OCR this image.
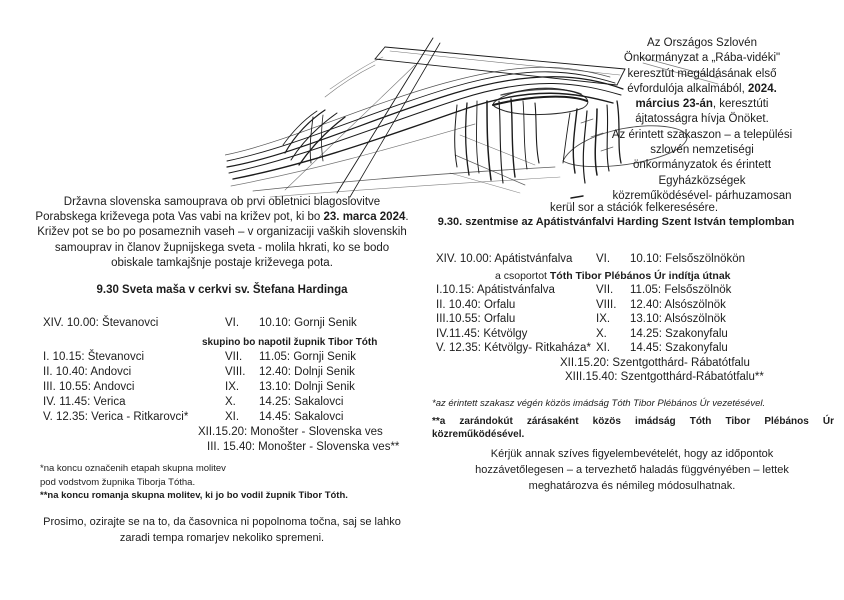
Državna slovenska samouprava ob prvi obletnici blagoslovitve
Porabskega križevega pota Vas vabi na križev pot, ki bo 23. marca 2024.
Križev pot se bo po posameznih vaseh – v organizaciji vaških slovenskih
samouprav in članov župnijskega sveta - molila hkrati, ko se bodo
obiskale tamkajšnje postaje križevega pota.
9.30 Sveta maša v cerkvi sv. Štefana Hardinga
XIV. 10.00: Števanovci	VI. 10.10: Gornji Senik
skupino bo napotil župnik Tibor Tóth
I. 10.15: Števanovci	VII. 11.05: Gornji Senik
II. 10.40: Andovci	VIII. 12.40: Dolnji Senik
III. 10.55: Andovci	IX. 13.10: Dolnji Senik
IV. 11.45: Verica	X. 14.25: Sakalovci
V. 12.35: Verica - Ritkarovci*	XI. 14.45: Sakalovci
XII.15.20: Monošter - Slovenska ves
III. 15.40: Monošter - Slovenska ves**
*na koncu označenih etapah skupna molitev
pod vodstvom župnika Tiborja Tótha.
**na koncu romanja skupna molitev, ki jo bo vodil župnik Tibor Tóth.
Prosimo, ozirajte se na to, da časovnica ni popolnoma točna, saj se lahko
zaradi tempa romarjev nekoliko spremeni.
Az Országos Szlovén
Önkormányzat a „Rába-vidéki"
keresztút megáldásának első
évfordulója alkalmából, 2024.
március 23-án, keresztúti
ájtatosságra hívja Önöket.
Az érintett szakaszon – a települési
szlovén nemzetiségi
önkormányzatok és érintett
Egyházközségek
közreműködésével- párhuzamosan
kerül sor a stációk felkeresésére.
9.30. szentmise az Apátistvánfalvi Harding Szent István templomban
XIV. 10.00: Apátistvánfalva VI. 10.10: Felsőszölnökön
a csoportot Tóth Tibor Plébános Úr indítja útnak
I.10.15: Apátistvánfalva	VII. 11.05: Felsőszölnök
II. 10.40: Orfalu	VIII. 12.40: Alsószölnök
III.10.55: Orfalu	IX. 13.10: Alsószölnök
IV.11.45: Kétvölgy	X. 14.25: Szakonyfalu
V. 12.35: Kétvölgy- Ritkaháza* XI. 14.45: Szakonyfalu
XII.15.20: Szentgotthárd- Rábatótfalu
XIII.15.40: Szentgotthárd-Rábatótfalu**
*az érintett szakasz végén közös imádság Tóth Tibor Plébános Úr vezetésével.
**a zarándokút zárásaként közös imádság Tóth Tibor Plébános Úr
közreműködésével.
Kérjük annak szíves figyelembevételét, hogy az időpontok
hozzávetőlegesen – a tervezhető haladás függvényében – lettek
meghatározva és némileg módosulhatnak.
